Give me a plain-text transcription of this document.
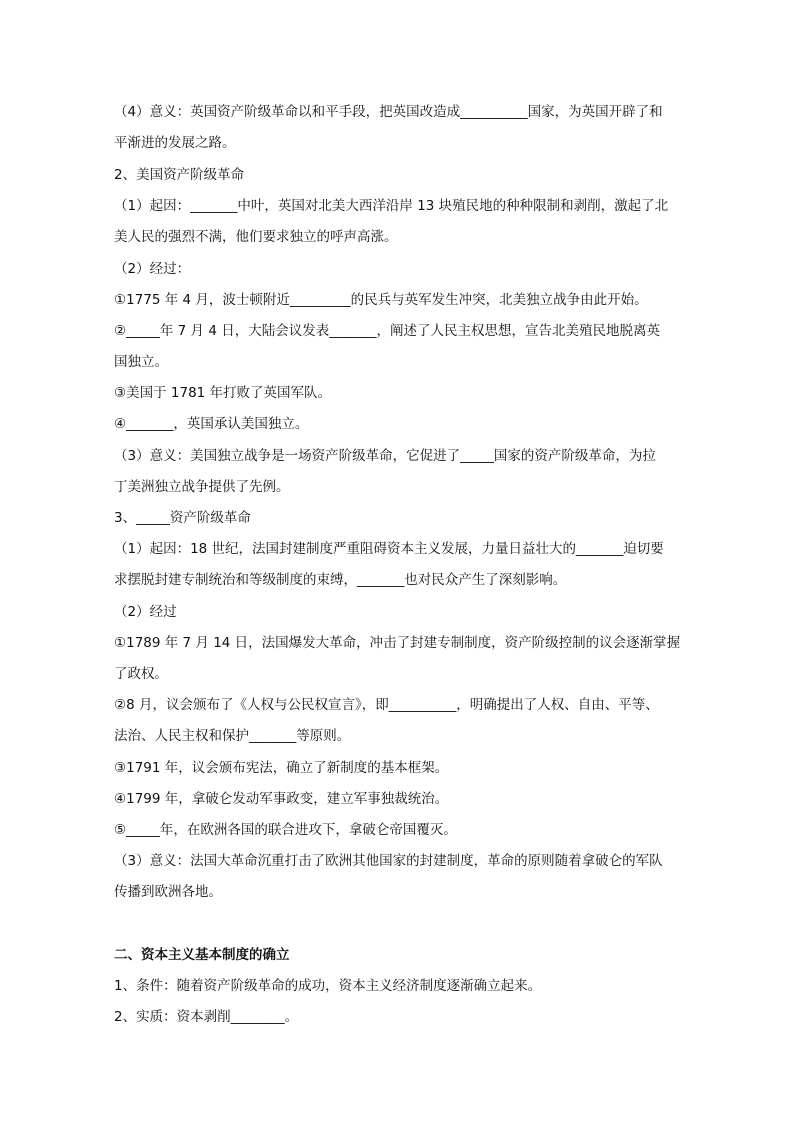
（4）意义：英国资产阶级革命以和平手段，把英国改造成__________国家，为英国开辟了和
平渐进的发展之路。
2、美国资产阶级革命
（1）起因：_______中叶，英国对北美大西洋沿岸 13 块殖民地的种种限制和剥削，激起了北
美人民的强烈不满，他们要求独立的呼声高涨。
（2）经过：
①1775 年 4 月，波士顿附近_________的民兵与英军发生冲突，北美独立战争由此开始。
②_____年 7 月 4 日，大陆会议发表_______，阐述了人民主权思想，宣告北美殖民地脱离英
国独立。
③美国于 1781 年打败了英国军队。
④_______，英国承认美国独立。
（3）意义：美国独立战争是一场资产阶级革命，它促进了_____国家的资产阶级革命，为拉
丁美洲独立战争提供了先例。
3、_____资产阶级革命
（1）起因：18 世纪，法国封建制度严重阻碍资本主义发展，力量日益壮大的_______迫切要
求摆脱封建专制统治和等级制度的束缚，_______也对民众产生了深刻影响。
（2）经过
①1789 年 7 月 14 日，法国爆发大革命，冲击了封建专制制度，资产阶级控制的议会逐渐掌握
了政权。
②8 月，议会颁布了《人权与公民权宣言》，即__________，明确提出了人权、自由、平等、
法治、人民主权和保护_______等原则。
③1791 年，议会颁布宪法，确立了新制度的基本框架。
④1799 年，拿破仑发动军事政变，建立军事独裁统治。
⑤_____年，在欧洲各国的联合进攻下，拿破仑帝国覆灭。
（3）意义：法国大革命沉重打击了欧洲其他国家的封建制度，革命的原则随着拿破仑的军队
传播到欧洲各地。
二、资本主义基本制度的确立
1、条件：随着资产阶级革命的成功，资本主义经济制度逐渐确立起来。
2、实质：资本剥削________。
